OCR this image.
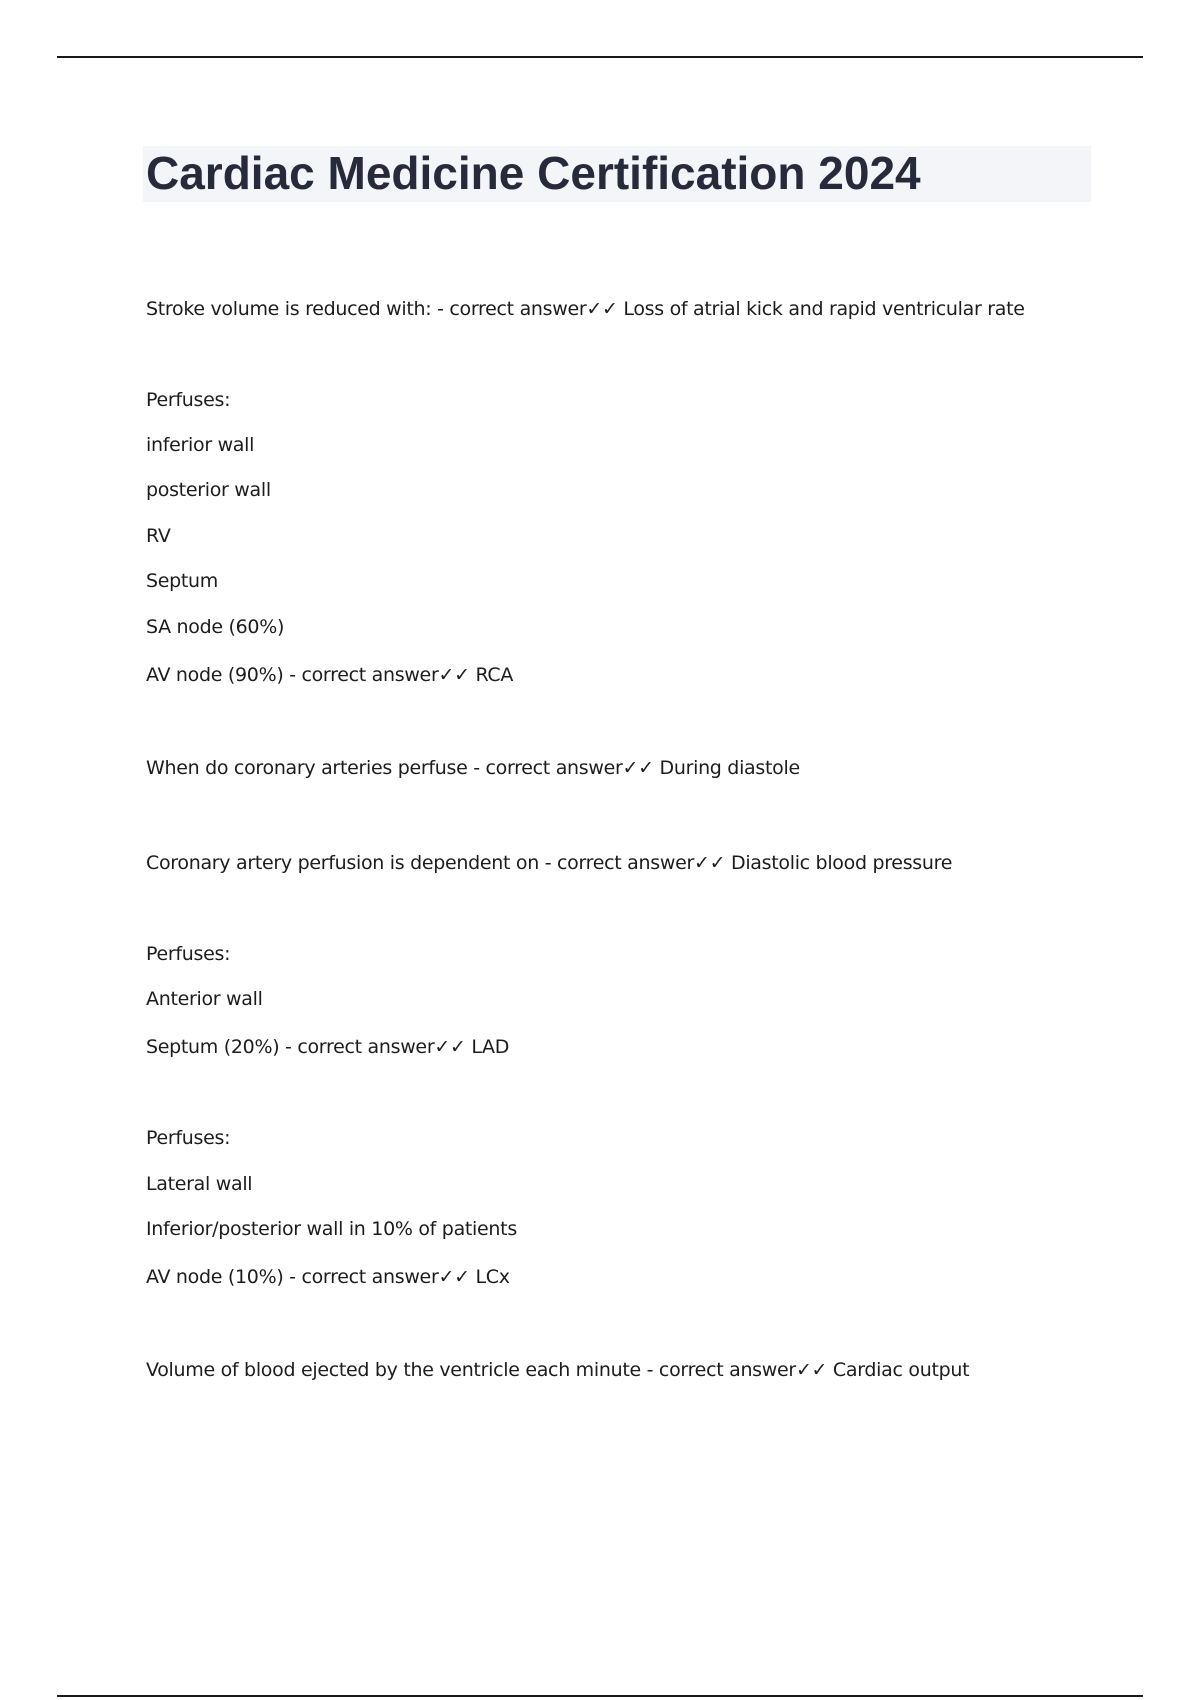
Cardiac Medicine Certification 2024
Stroke volume is reduced with: - correct answer✓✓ Loss of atrial kick and rapid ventricular rate
Perfuses:
inferior wall
posterior wall
RV
Septum
SA node (60%)
AV node (90%) - correct answer✓✓ RCA
When do coronary arteries perfuse - correct answer✓✓ During diastole
Coronary artery perfusion is dependent on - correct answer✓✓ Diastolic blood pressure
Perfuses:
Anterior wall
Septum (20%) - correct answer✓✓ LAD
Perfuses:
Lateral wall
Inferior/posterior wall in 10% of patients
AV node (10%) - correct answer✓✓ LCx
Volume of blood ejected by the ventricle each minute - correct answer✓✓ Cardiac output
